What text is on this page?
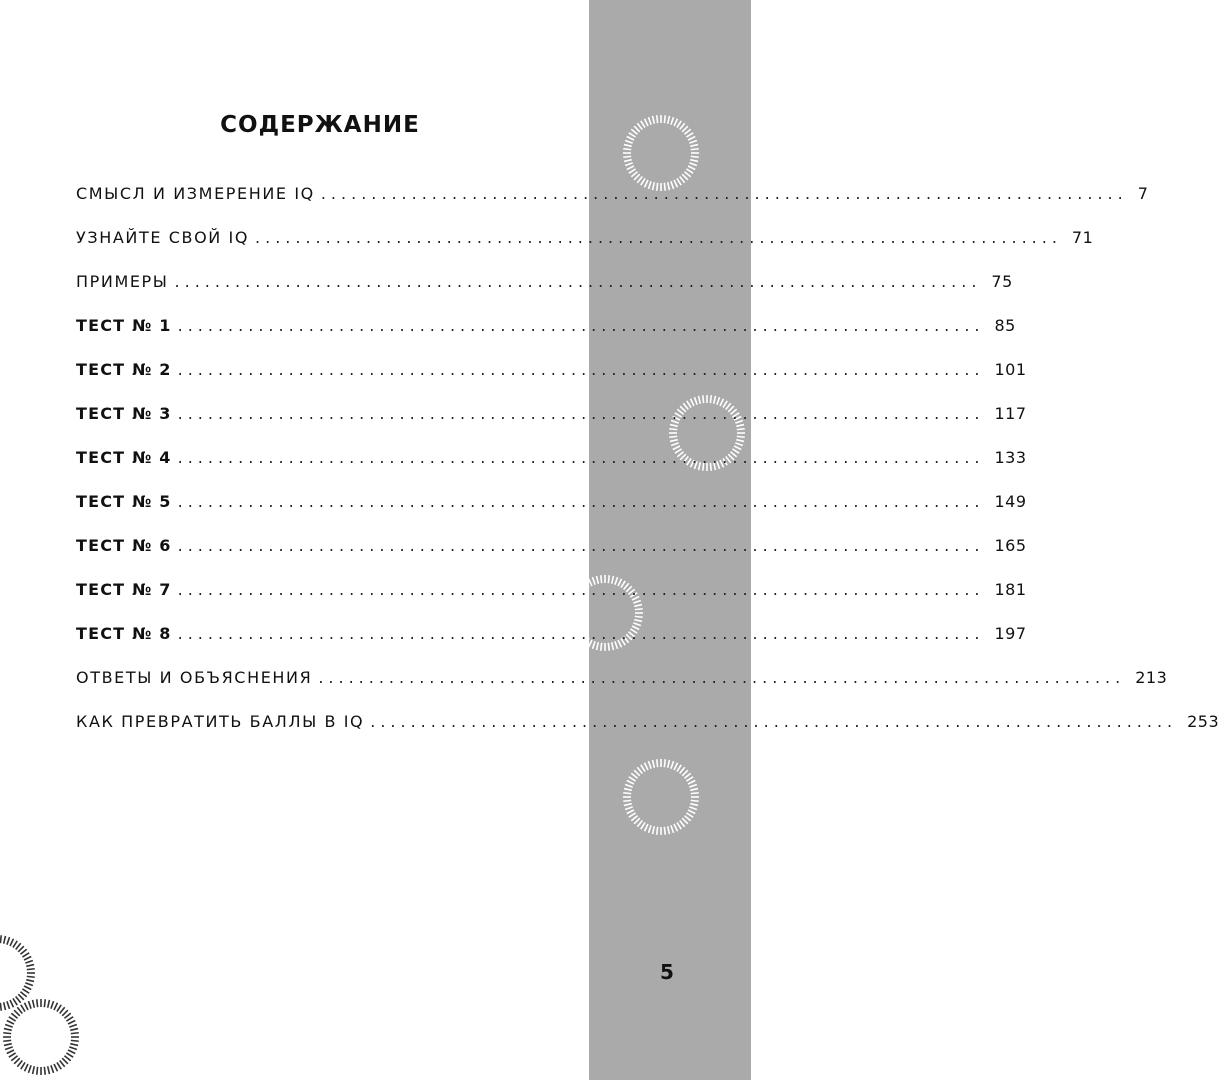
СОДЕРЖАНИЕ
СМЫСЛ И ИЗМЕРЕНИЕ IQ ................................................................................ 7
УЗНАЙТЕ СВОЙ IQ ................................................................................ 71
ПРИМЕРЫ ................................................................................ 75
ТЕСТ № 1 ................................................................................ 85
ТЕСТ № 2 ................................................................................ 101
ТЕСТ № 3 ................................................................................ 117
ТЕСТ № 4 ................................................................................ 133
ТЕСТ № 5 ................................................................................ 149
ТЕСТ № 6 ................................................................................ 165
ТЕСТ № 7 ................................................................................ 181
ТЕСТ № 8 ................................................................................ 197
ОТВЕТЫ И ОБЪЯСНЕНИЯ ................................................................................ 213
КАК ПРЕВРАТИТЬ БАЛЛЫ В IQ ................................................................................ 253
5
